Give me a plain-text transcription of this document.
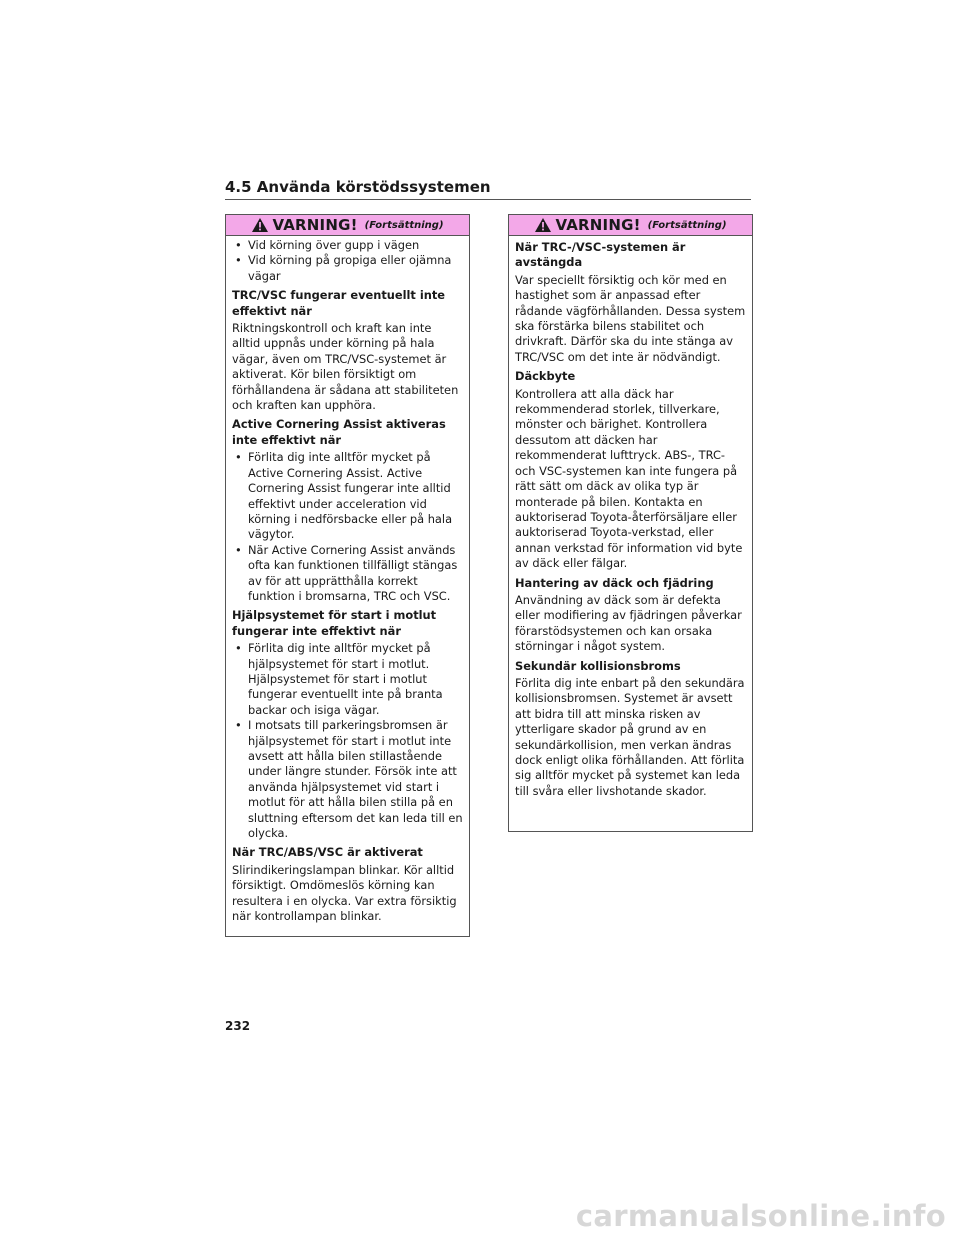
4.5 Använda körstödssystemen
VARNING! (Fortsättning)
• Vid körning över gupp i vägen
• Vid körning på gropiga eller ojämna vägar
TRC/VSC fungerar eventuellt inte effektivt när

Riktningskontroll och kraft kan inte alltid uppnås under körning på hala vägar, även om TRC/VSC-systemet är aktiverat. Kör bilen försiktigt om förhållandena är sådana att stabiliteten och kraften kan upphöra.

Active Cornering Assist aktiveras inte effektivt när
• Förlita dig inte alltför mycket på Active Cornering Assist. Active Cornering Assist fungerar inte alltid effektivt under acceleration vid körning i nedförsbacke eller på hala vägytor.
• När Active Cornering Assist används ofta kan funktionen tillfälligt stängas av för att upprätthålla korrekt funktion i bromsarna, TRC och VSC.
Hjälpsystemet för start i motlut fungerar inte effektivt när
• Förlita dig inte alltför mycket på hjälpsystemet för start i motlut. Hjälpsystemet för start i motlut fungerar eventuellt inte på branta backar och isiga vägar.
• I motsats till parkeringsbromsen är hjälpsystemet för start i motlut inte avsett att hålla bilen stillastående under längre stunder. Försök inte att använda hjälpsystemet vid start i motlut för att hålla bilen stilla på en sluttning eftersom det kan leda till en olycka.
När TRC/ABS/VSC är aktiverat

Slirindikeringslampan blinkar. Kör alltid försiktigt. Omdömeslös körning kan resultera i en olycka. Var extra försiktig när kontrollampan blinkar.

VARNING! (Fortsättning)
När TRC-/VSC-systemen är avstängda

Var speciellt försiktig och kör med en hastighet som är anpassad efter rådande vägförhållanden. Dessa system ska förstärka bilens stabilitet och drivkraft. Därför ska du inte stänga av TRC/VSC om det inte är nödvändigt.

Däckbyte

Kontrollera att alla däck har rekommenderad storlek, tillverkare, mönster och bärighet. Kontrollera dessutom att däcken har rekommenderat lufttryck. ABS-, TRC- och VSC-systemen kan inte fungera på rätt sätt om däck av olika typ är monterade på bilen. Kontakta en auktoriserad Toyota-återförsäljare eller auktoriserad Toyota-verkstad, eller annan verkstad för information vid byte av däck eller fälgar.

Hantering av däck och fjädring

Användning av däck som är defekta eller modifiering av fjädringen påverkar förarstödsystemen och kan orsaka störningar i något system.

Sekundär kollisionsbroms

Förlita dig inte enbart på den sekundära kollisionsbromsen. Systemet är avsett att bidra till att minska risken av ytterligare skador på grund av en sekundärkollision, men verkan ändras dock enligt olika förhållanden. Att förlita sig alltför mycket på systemet kan leda till svåra eller livshotande skador.

232
carmanualsonline.info
